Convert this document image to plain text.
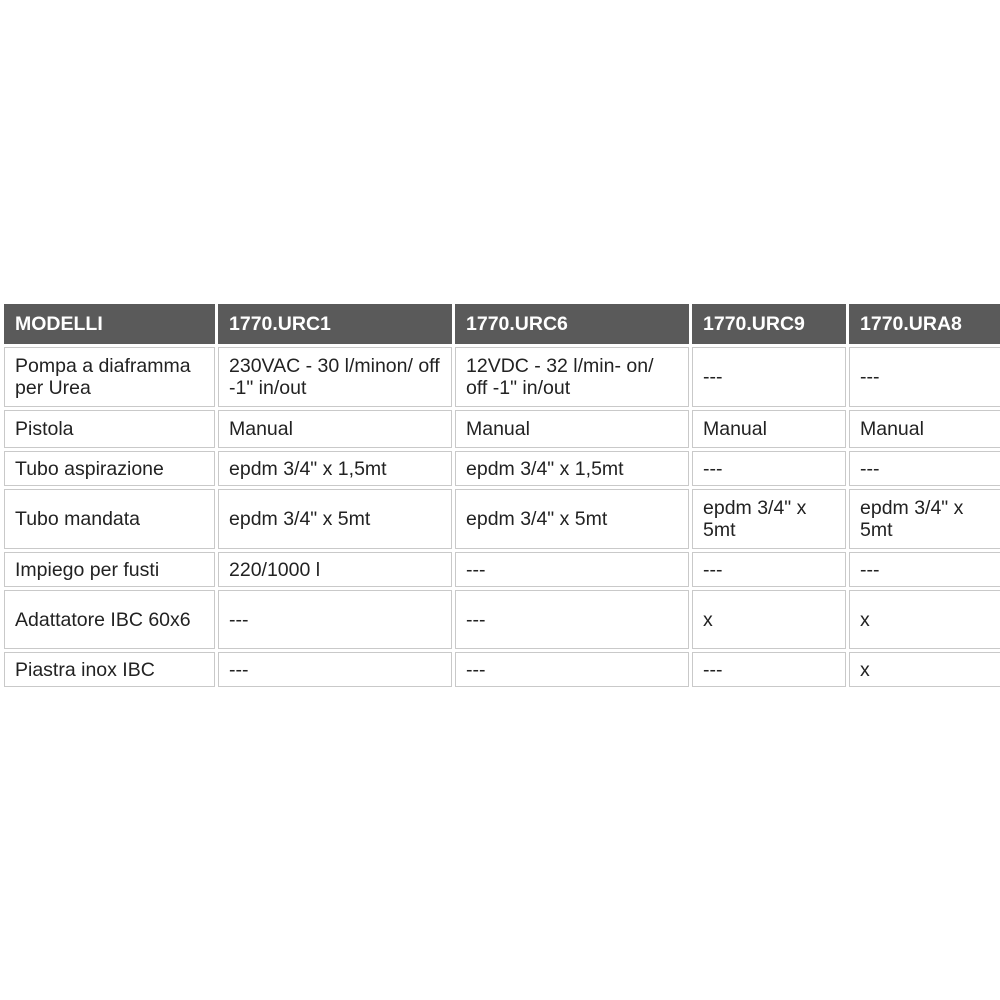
MODELLI	1770.URC1	1770.URC6	1770.URC9	1770.URA8
Pompa a diaframma per Urea	230VAC - 30 l/minon/ off -1" in/out	12VDC - 32 l/min- on/ off -1" in/out	---	---
Pistola	Manual	Manual	Manual	Manual
Tubo aspirazione	epdm 3/4" x 1,5mt	epdm 3/4" x 1,5mt	---	---
Tubo mandata	epdm 3/4" x 5mt	epdm 3/4" x 5mt	epdm 3/4" x 5mt	epdm 3/4" x 5mt
Impiego per fusti	220/1000 l	---	---	---
Adattatore IBC 60x6	---	---	x	x
Piastra inox IBC	---	---	---	x
